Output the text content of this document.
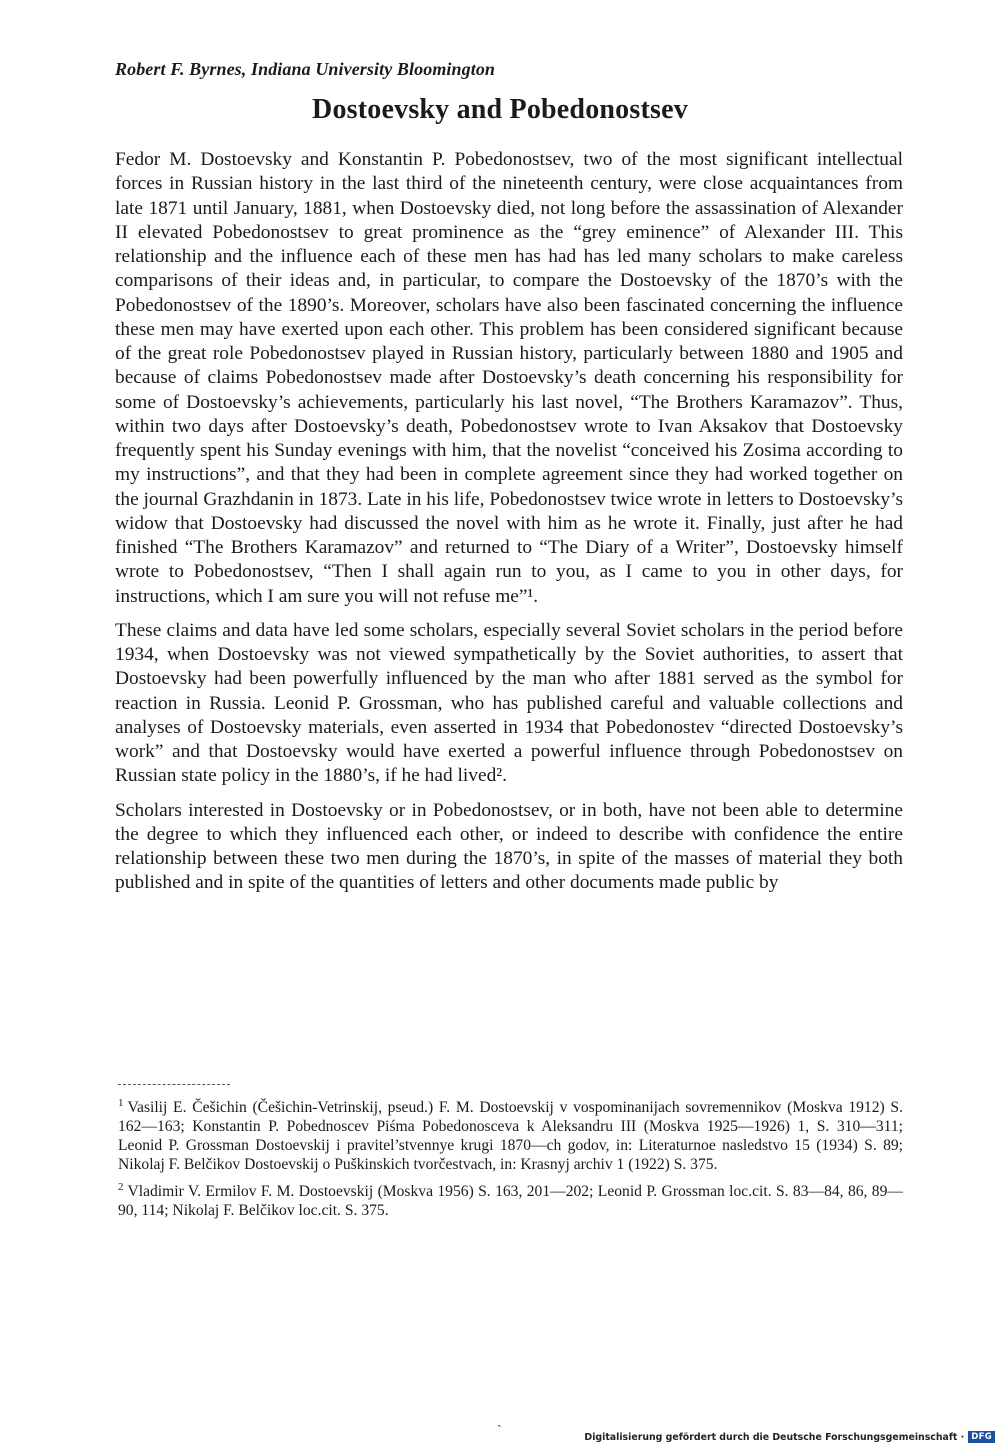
Robert F. Byrnes, Indiana University Bloomington
Dostoevsky and Pobedonostsev

Fedor M. Dostoevsky and Konstantin P. Pobedonostsev, two of the most significant intellectual forces in Russian history in the last third of the nineteenth century, were close acquaintances from late 1871 until January, 1881, when Dostoevsky died, not long before the assassination of Alexander II elevated Pobedonostsev to great prominence as the “grey eminence” of Alexander III. This relationship and the influence each of these men has had has led many scholars to make careless comparisons of their ideas and, in particular, to compare the Dostoevsky of the 1870’s with the Pobedonostsev of the 1890’s. Moreover, scholars have also been fascinated concerning the influence these men may have exerted upon each other. This problem has been considered significant because of the great role Pobedonostsev played in Russian history, particularly between 1880 and 1905 and because of claims Pobedonostsev made after Dostoevsky’s death concerning his responsibility for some of Dostoevsky’s achievements, particularly his last novel, “The Brothers Karamazov”. Thus, within two days after Dostoevsky’s death, Pobedonostsev wrote to Ivan Aksakov that Dostoevsky frequently spent his Sunday evenings with him, that the novelist “conceived his Zosima according to my instructions”, and that they had been in complete agreement since they had worked together on the journal Grazhdanin in 1873. Late in his life, Pobedonostsev twice wrote in letters to Dostoevsky’s widow that Dostoevsky had discussed the novel with him as he wrote it. Finally, just after he had finished “The Brothers Karamazov” and returned to “The Diary of a Writer”, Dostoevsky himself wrote to Pobedonostsev, “Then I shall again run to you, as I came to you in other days, for instructions, which I am sure you will not refuse me”¹.

These claims and data have led some scholars, especially several Soviet scholars in the period before 1934, when Dostoevsky was not viewed sympathetically by the Soviet authorities, to assert that Dostoevsky had been powerfully influenced by the man who after 1881 served as the symbol for reaction in Russia. Leonid P. Grossman, who has published careful and valuable collections and analyses of Dostoevsky materials, even asserted in 1934 that Pobedonostev “directed Dostoevsky’s work” and that Dostoevsky would have exerted a powerful influence through Pobedonostsev on Russian state policy in the 1880’s, if he had lived².

Scholars interested in Dostoevsky or in Pobedonostsev, or in both, have not been able to determine the degree to which they influenced each other, or indeed to describe with confidence the entire relationship between these two men during the 1870’s, in spite of the masses of material they both published and in spite of the quantities of letters and other documents made public by

$^1$ Vasilij E. Češichin (Češichin-Vetrinskij, pseud.) F. M. Dostoevskij v vospominanijach sovremennikov (Moskva 1912) S. 162—163; Konstantin P. Pobednoscev Piśma Pobedonosceva k Aleksandru III (Moskva 1925—1926) 1, S. 310—311; Leonid P. Grossman Dostoevskij i pravitel’stvennye krugi 1870—ch godov, in: Literaturnoe nasledstvo 15 (1934) S. 89; Nikolaj F. Belčikov Dostoevskij o Puškinskich tvorčestvach, in: Krasnyj archiv 1 (1922) S. 375.

$^2$ Vladimir V. Ermilov F. M. Dostoevskij (Moskva 1956) S. 163, 201—202; Leonid P. Grossman loc.cit. S. 83—84, 86, 89—90, 114; Nikolaj F. Belčikov loc.cit. S. 375.

ˎ
Digitalisierung gefördert durch die Deutsche Forschungsgemeinschaft · DFG
